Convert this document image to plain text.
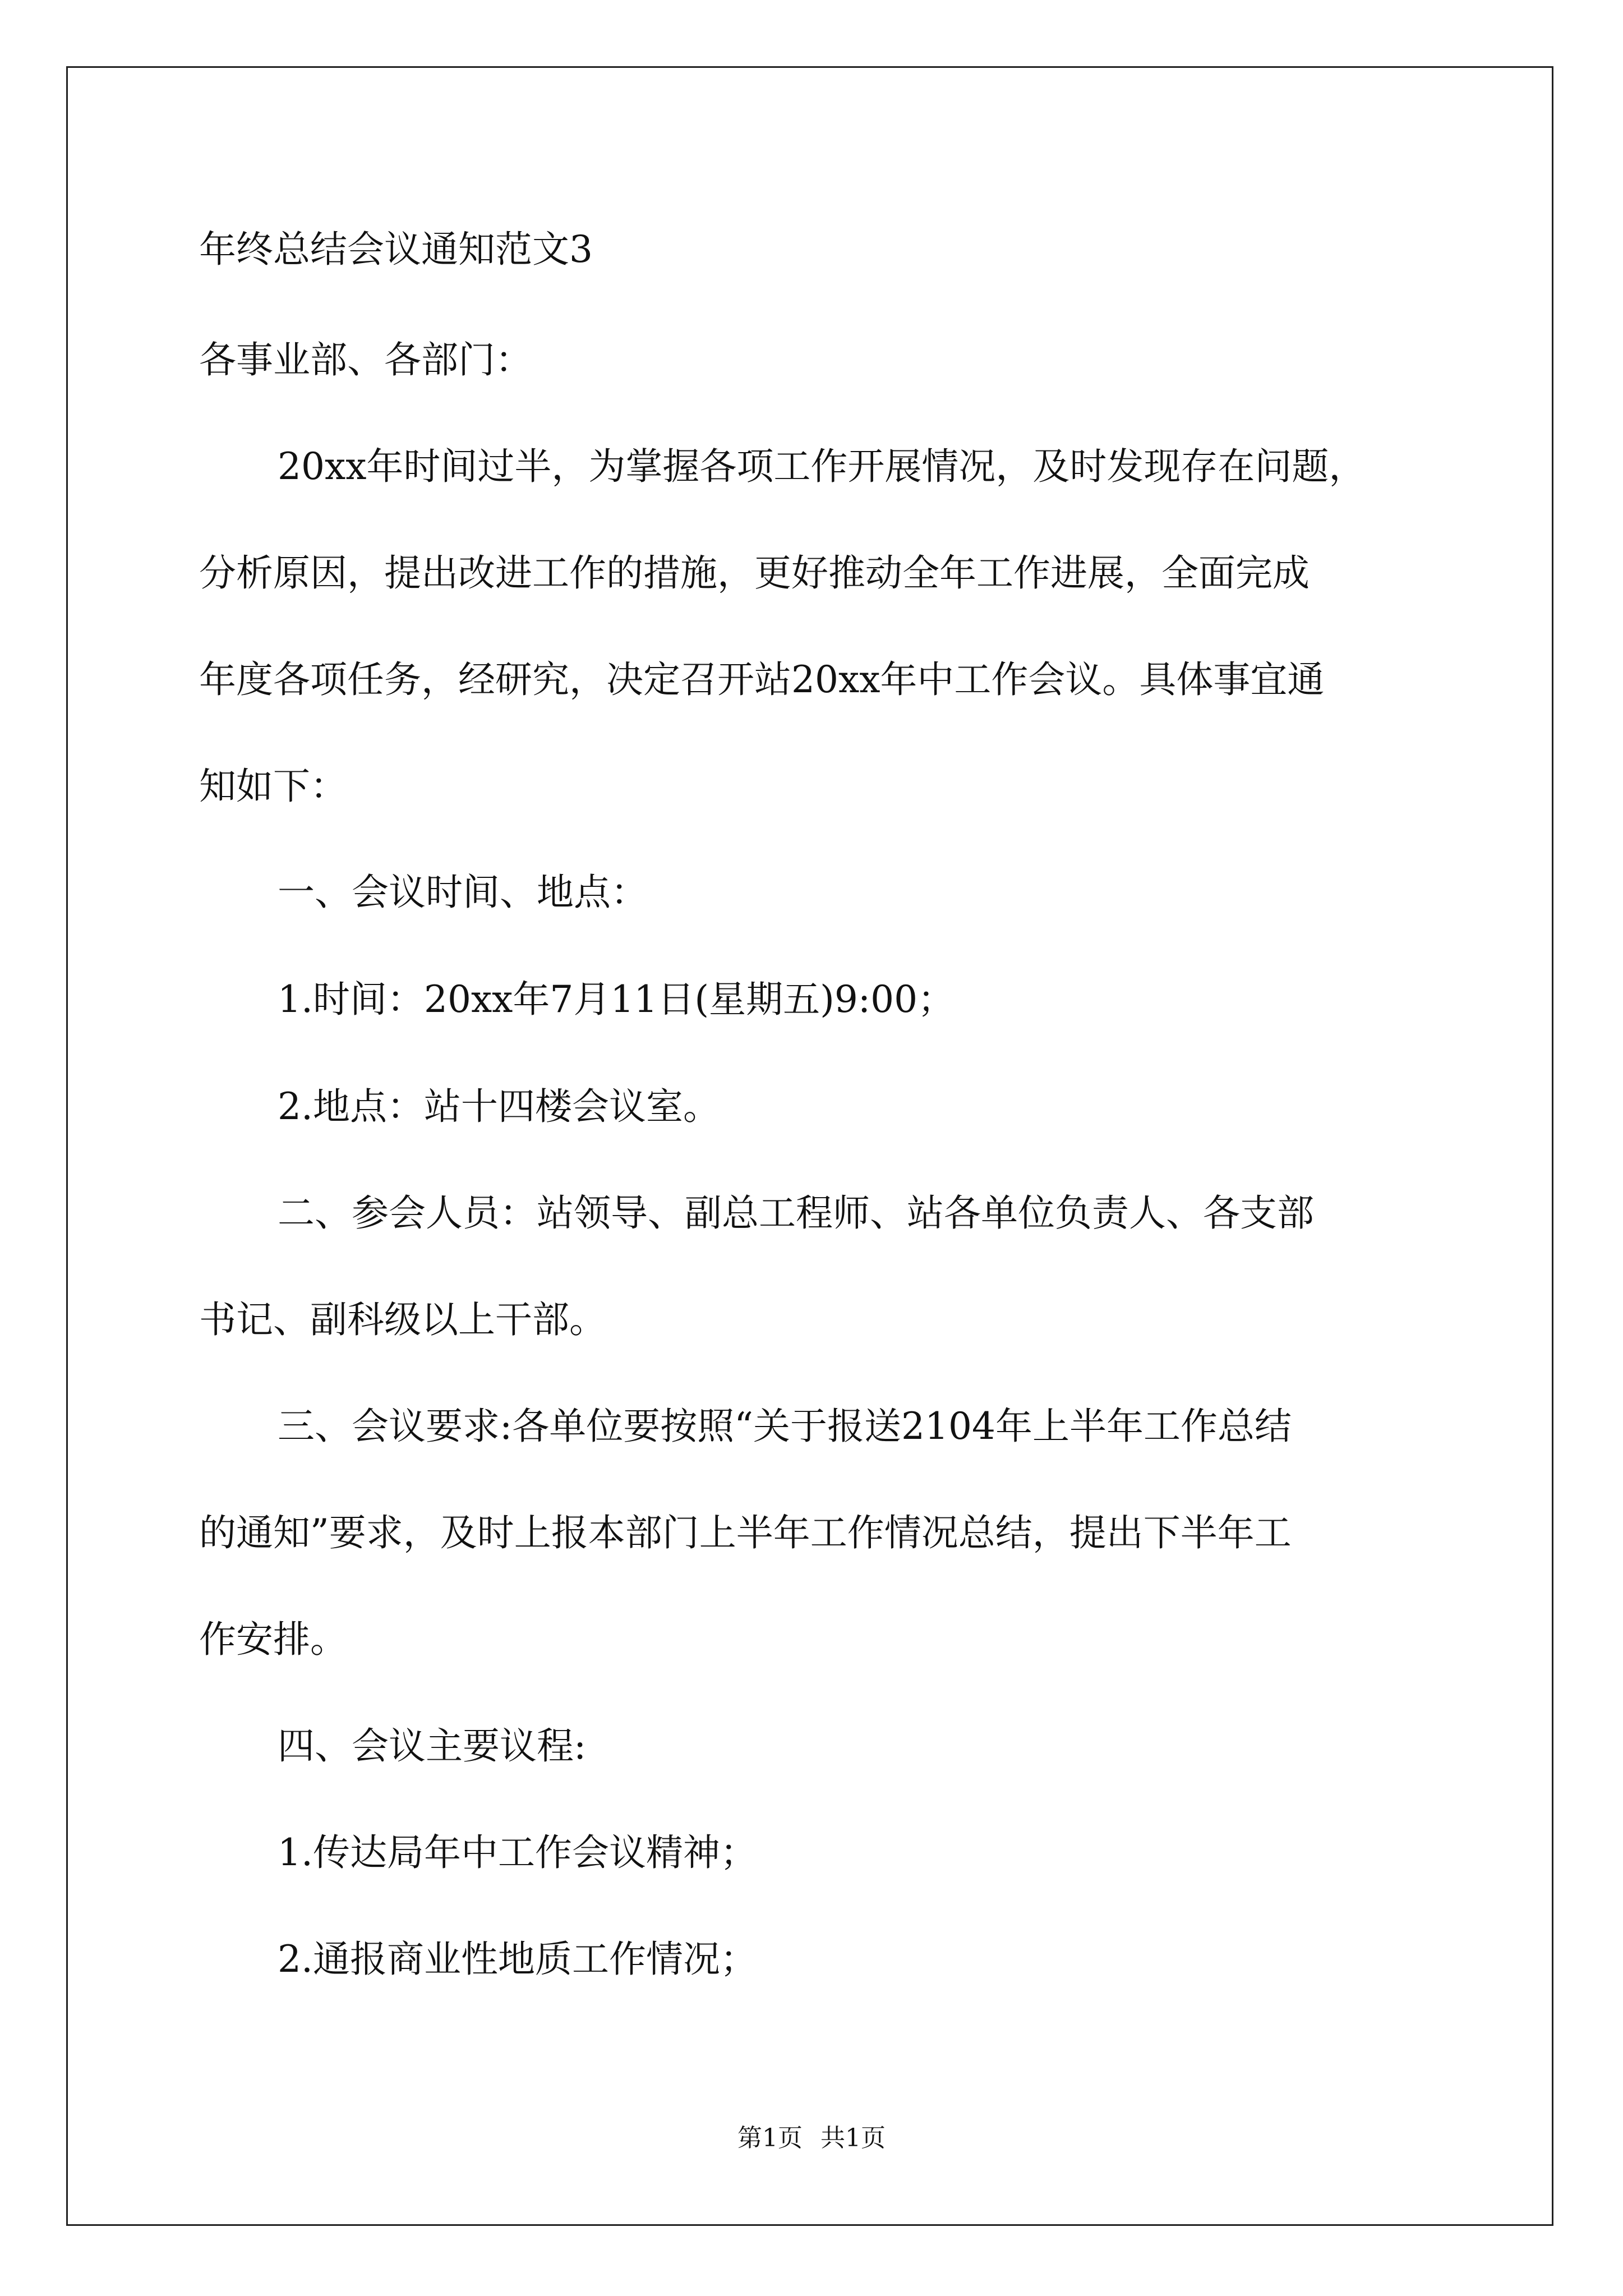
年终总结会议通知范文3
各事业部、各部门：
20xx年时间过半，为掌握各项工作开展情况，及时发现存在问题，
分析原因，提出改进工作的措施，更好推动全年工作进展，全面完成
年度各项任务，经研究，决定召开站20xx年中工作会议。具体事宜通
知如下：
一、会议时间、地点：
1.时间：20xx年7月11日(星期五)9:00；
2.地点：站十四楼会议室。
二、参会人员：站领导、副总工程师、站各单位负责人、各支部
书记、副科级以上干部。
三、会议要求:各单位要按照“关于报送2104年上半年工作总结
的通知”要求，及时上报本部门上半年工作情况总结，提出下半年工
作安排。
四、会议主要议程:
1.传达局年中工作会议精神；
2.通报商业性地质工作情况；
第1页 共1页
